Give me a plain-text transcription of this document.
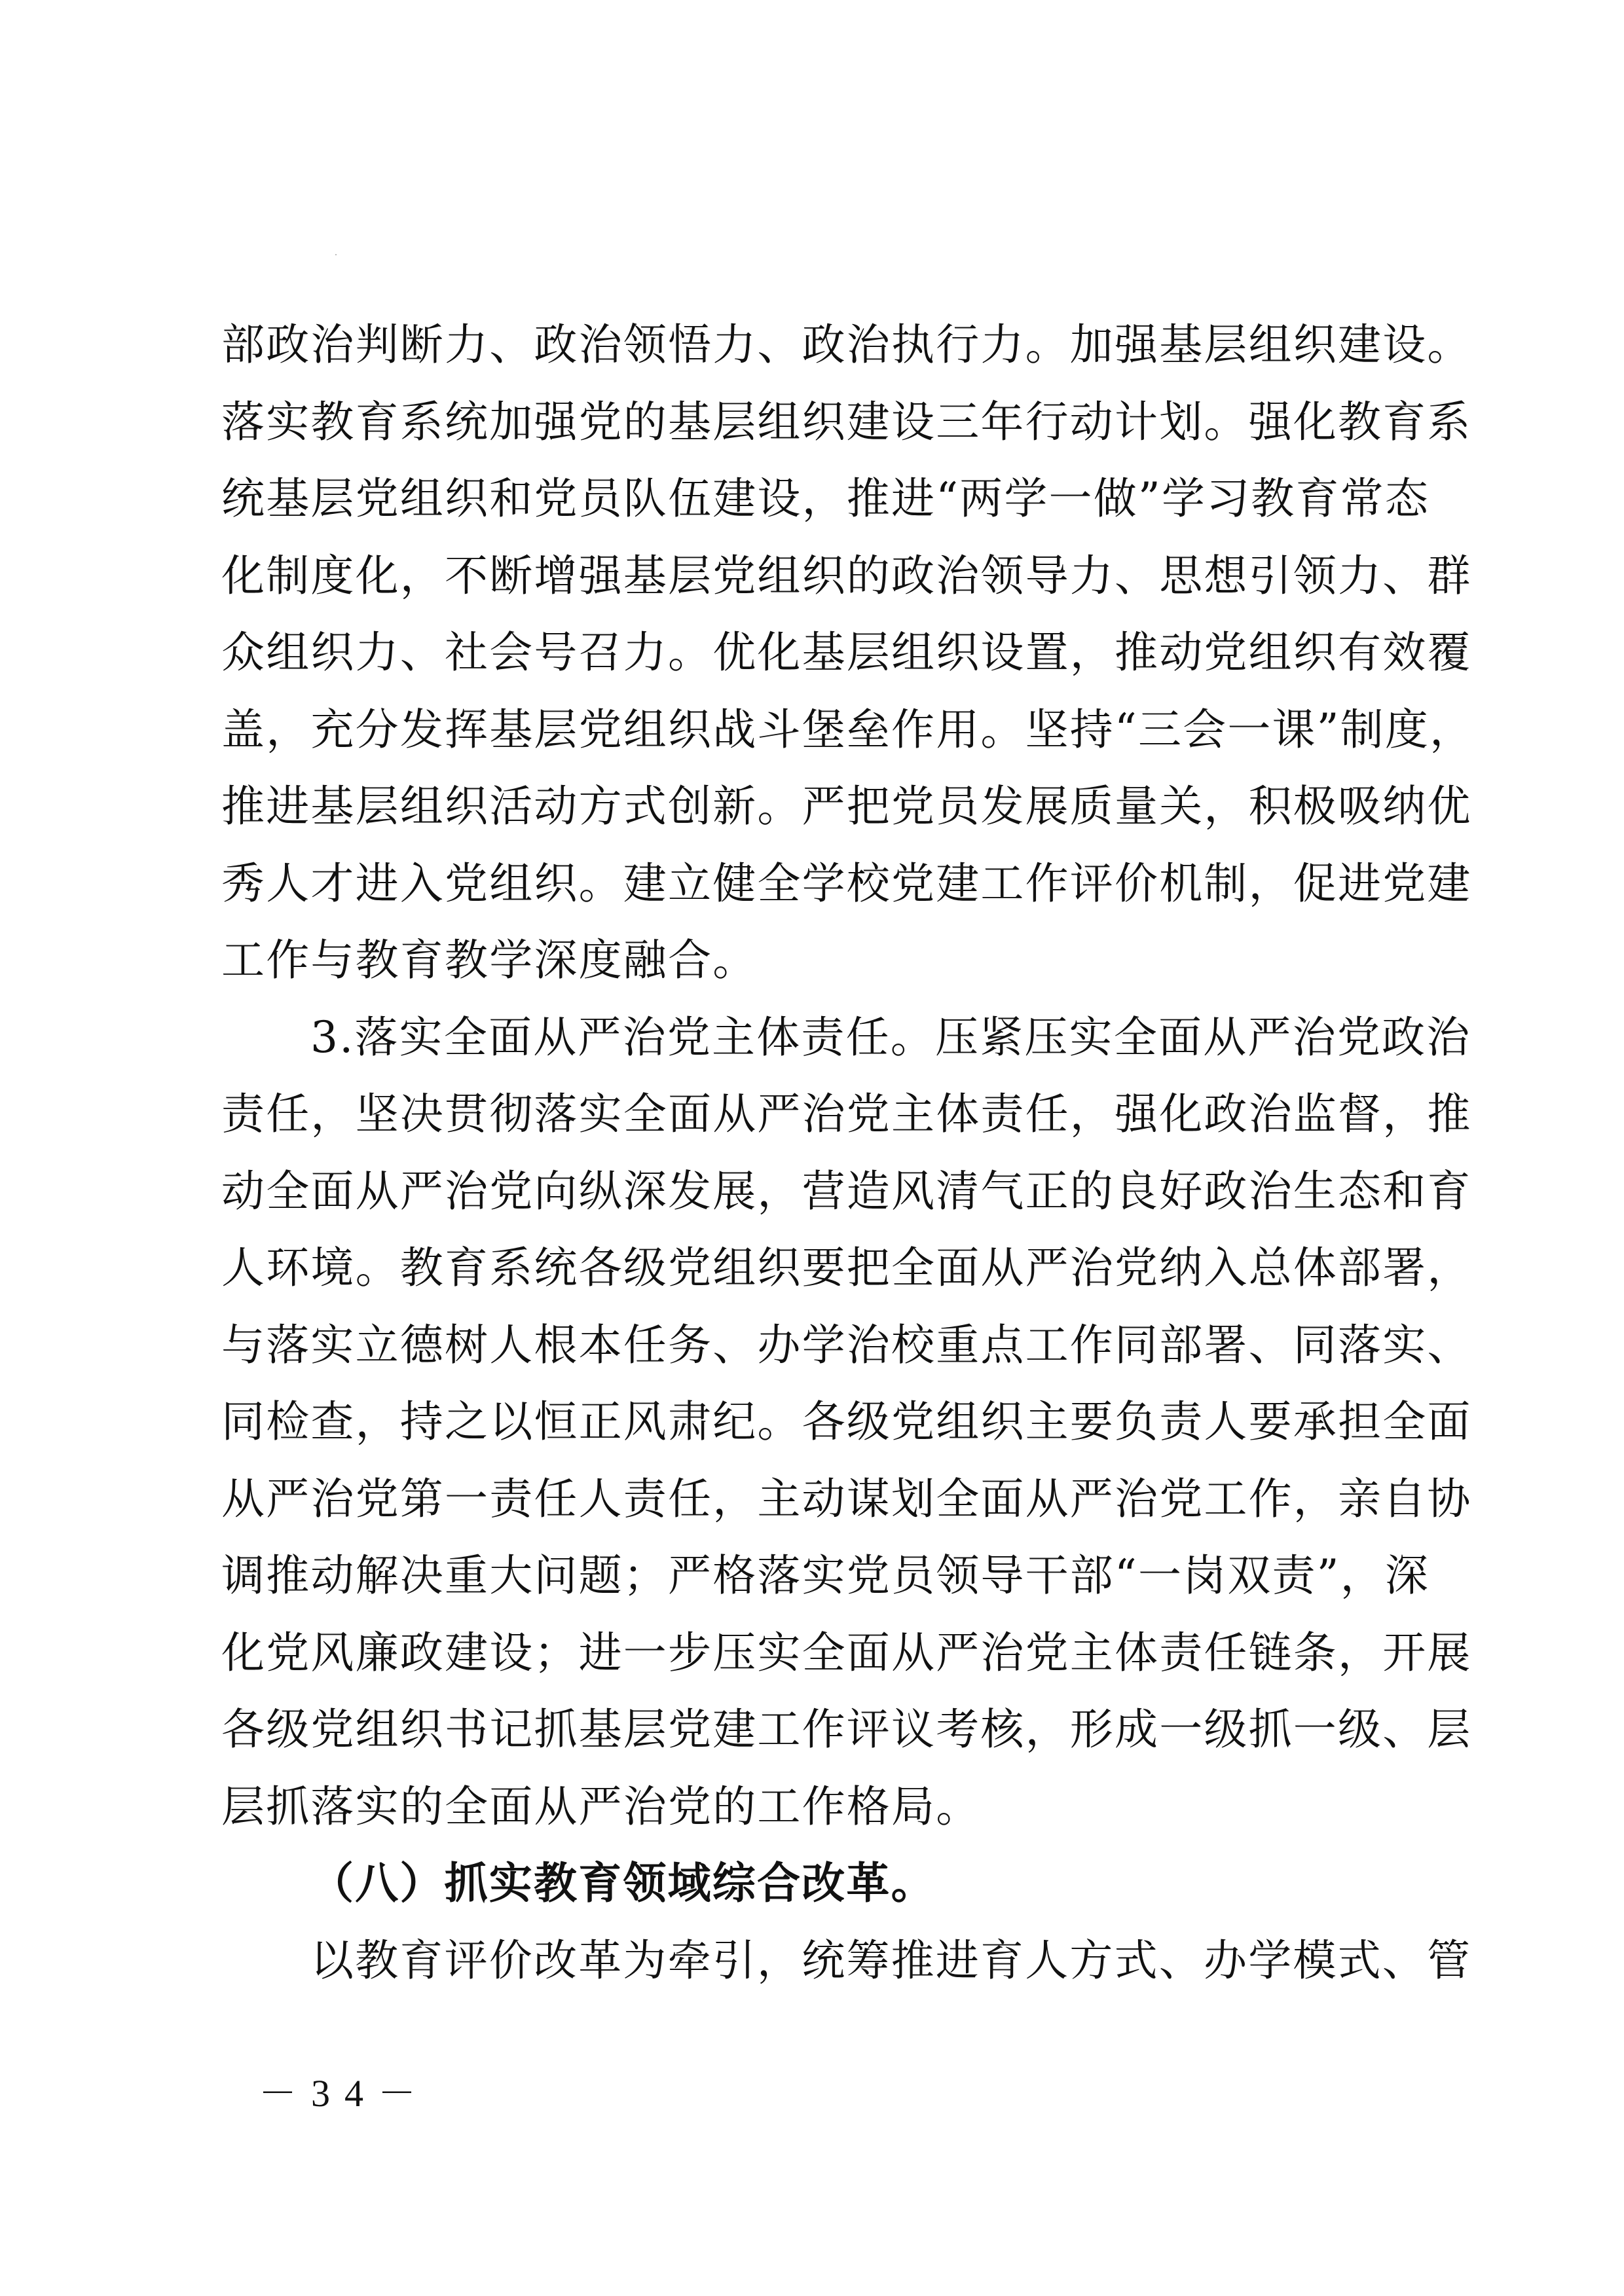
部政治判断力、政治领悟力、政治执行力。加强基层组织建设。
落实教育系统加强党的基层组织建设三年行动计划。强化教育系
统基层党组织和党员队伍建设，推进“两学一做”学习教育常态
化制度化，不断增强基层党组织的政治领导力、思想引领力、群
众组织力、社会号召力。优化基层组织设置，推动党组织有效覆
盖，充分发挥基层党组织战斗堡垒作用。坚持“三会一课”制度，
推进基层组织活动方式创新。严把党员发展质量关，积极吸纳优
秀人才进入党组织。建立健全学校党建工作评价机制，促进党建
工作与教育教学深度融合。
3.落实全面从严治党主体责任。压紧压实全面从严治党政治
责任，坚决贯彻落实全面从严治党主体责任，强化政治监督，推
动全面从严治党向纵深发展，营造风清气正的良好政治生态和育
人环境。教育系统各级党组织要把全面从严治党纳入总体部署，
与落实立德树人根本任务、办学治校重点工作同部署、同落实、
同检查，持之以恒正风肃纪。各级党组织主要负责人要承担全面
从严治党第一责任人责任，主动谋划全面从严治党工作，亲自协
调推动解决重大问题；严格落实党员领导干部“一岗双责”，深
化党风廉政建设；进一步压实全面从严治党主体责任链条，开展
各级党组织书记抓基层党建工作评议考核，形成一级抓一级、层
层抓落实的全面从严治党的工作格局。
（八）抓实教育领域综合改革。
以教育评价改革为牵引，统筹推进育人方式、办学模式、管
－34－
